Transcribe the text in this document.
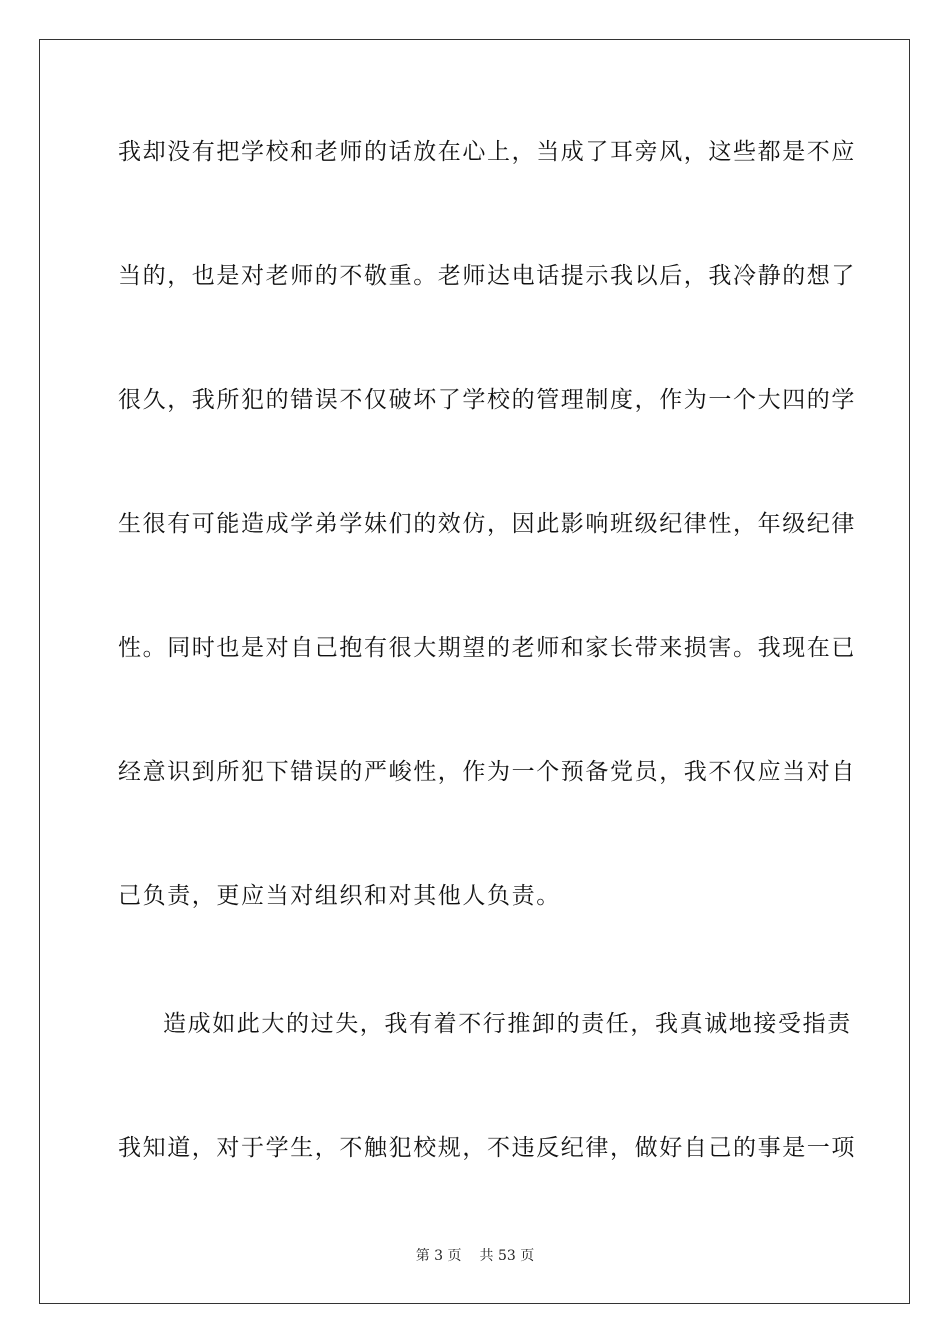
我却没有把学校和老师的话放在心上，当成了耳旁风，这些都是不应
当的，也是对老师的不敬重。老师达电话提示我以后，我冷静的想了
很久，我所犯的错误不仅破坏了学校的管理制度，作为一个大四的学
生很有可能造成学弟学妹们的效仿，因此影响班级纪律性，年级纪律
性。同时也是对自己抱有很大期望的老师和家长带来损害。我现在已
经意识到所犯下错误的严峻性，作为一个预备党员，我不仅应当对自
己负责，更应当对组织和对其他人负责。
造成如此大的过失，我有着不行推卸的责任，我真诚地接受指责
我知道，对于学生，不触犯校规，不违反纪律，做好自己的事是一项
第 3 页 共 53 页
